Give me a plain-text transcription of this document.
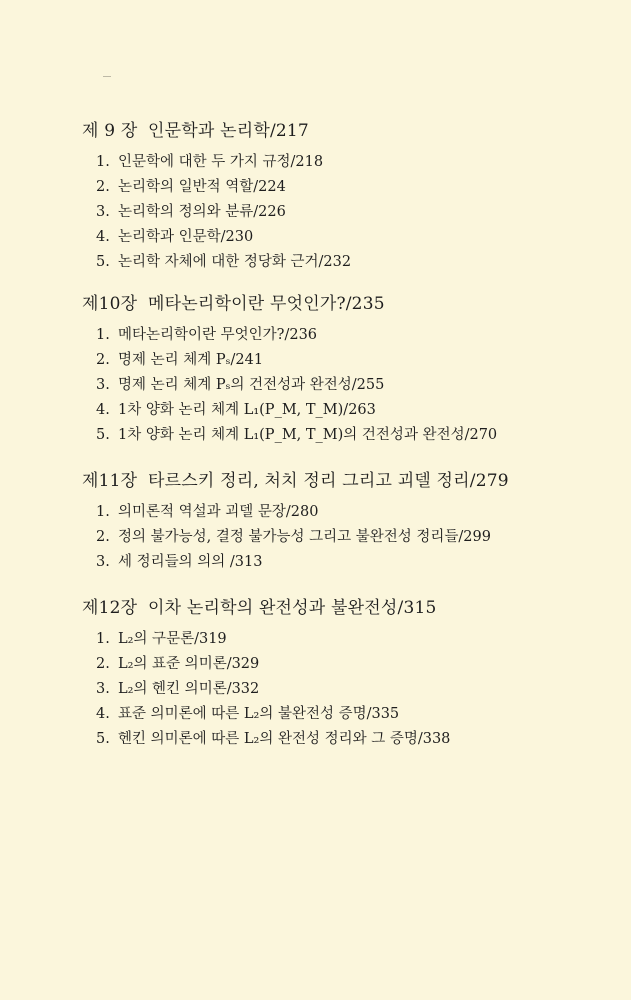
제 9 장 인문학과 논리학/217
1. 인문학에 대한 두 가지 규정/218
2. 논리학의 일반적 역할/224
3. 논리학의 정의와 분류/226
4. 논리학과 인문학/230
5. 논리학 자체에 대한 정당화 근거/232
제10장 메타논리학이란 무엇인가?/235
1. 메타논리학이란 무엇인가?/236
2. 명제 논리 체계 Pₛ/241
3. 명제 논리 체계 Pₛ의 건전성과 완전성/255
4. 1차 양화 논리 체계 L₁(P_M, T_M)/263
5. 1차 양화 논리 체계 L₁(P_M, T_M)의 건전성과 완전성/270
제11장 타르스키 정리, 처치 정리 그리고 괴델 정리/279
1. 의미론적 역설과 괴델 문장/280
2. 정의 불가능성, 결정 불가능성 그리고 불완전성 정리들/299
3. 세 정리들의 의의 /313
제12장 이차 논리학의 완전성과 불완전성/315
1. L₂의 구문론/319
2. L₂의 표준 의미론/329
3. L₂의 헨킨 의미론/332
4. 표준 의미론에 따른 L₂의 불완전성 증명/335
5. 헨킨 의미론에 따른 L₂의 완전성 정리와 그 증명/338
